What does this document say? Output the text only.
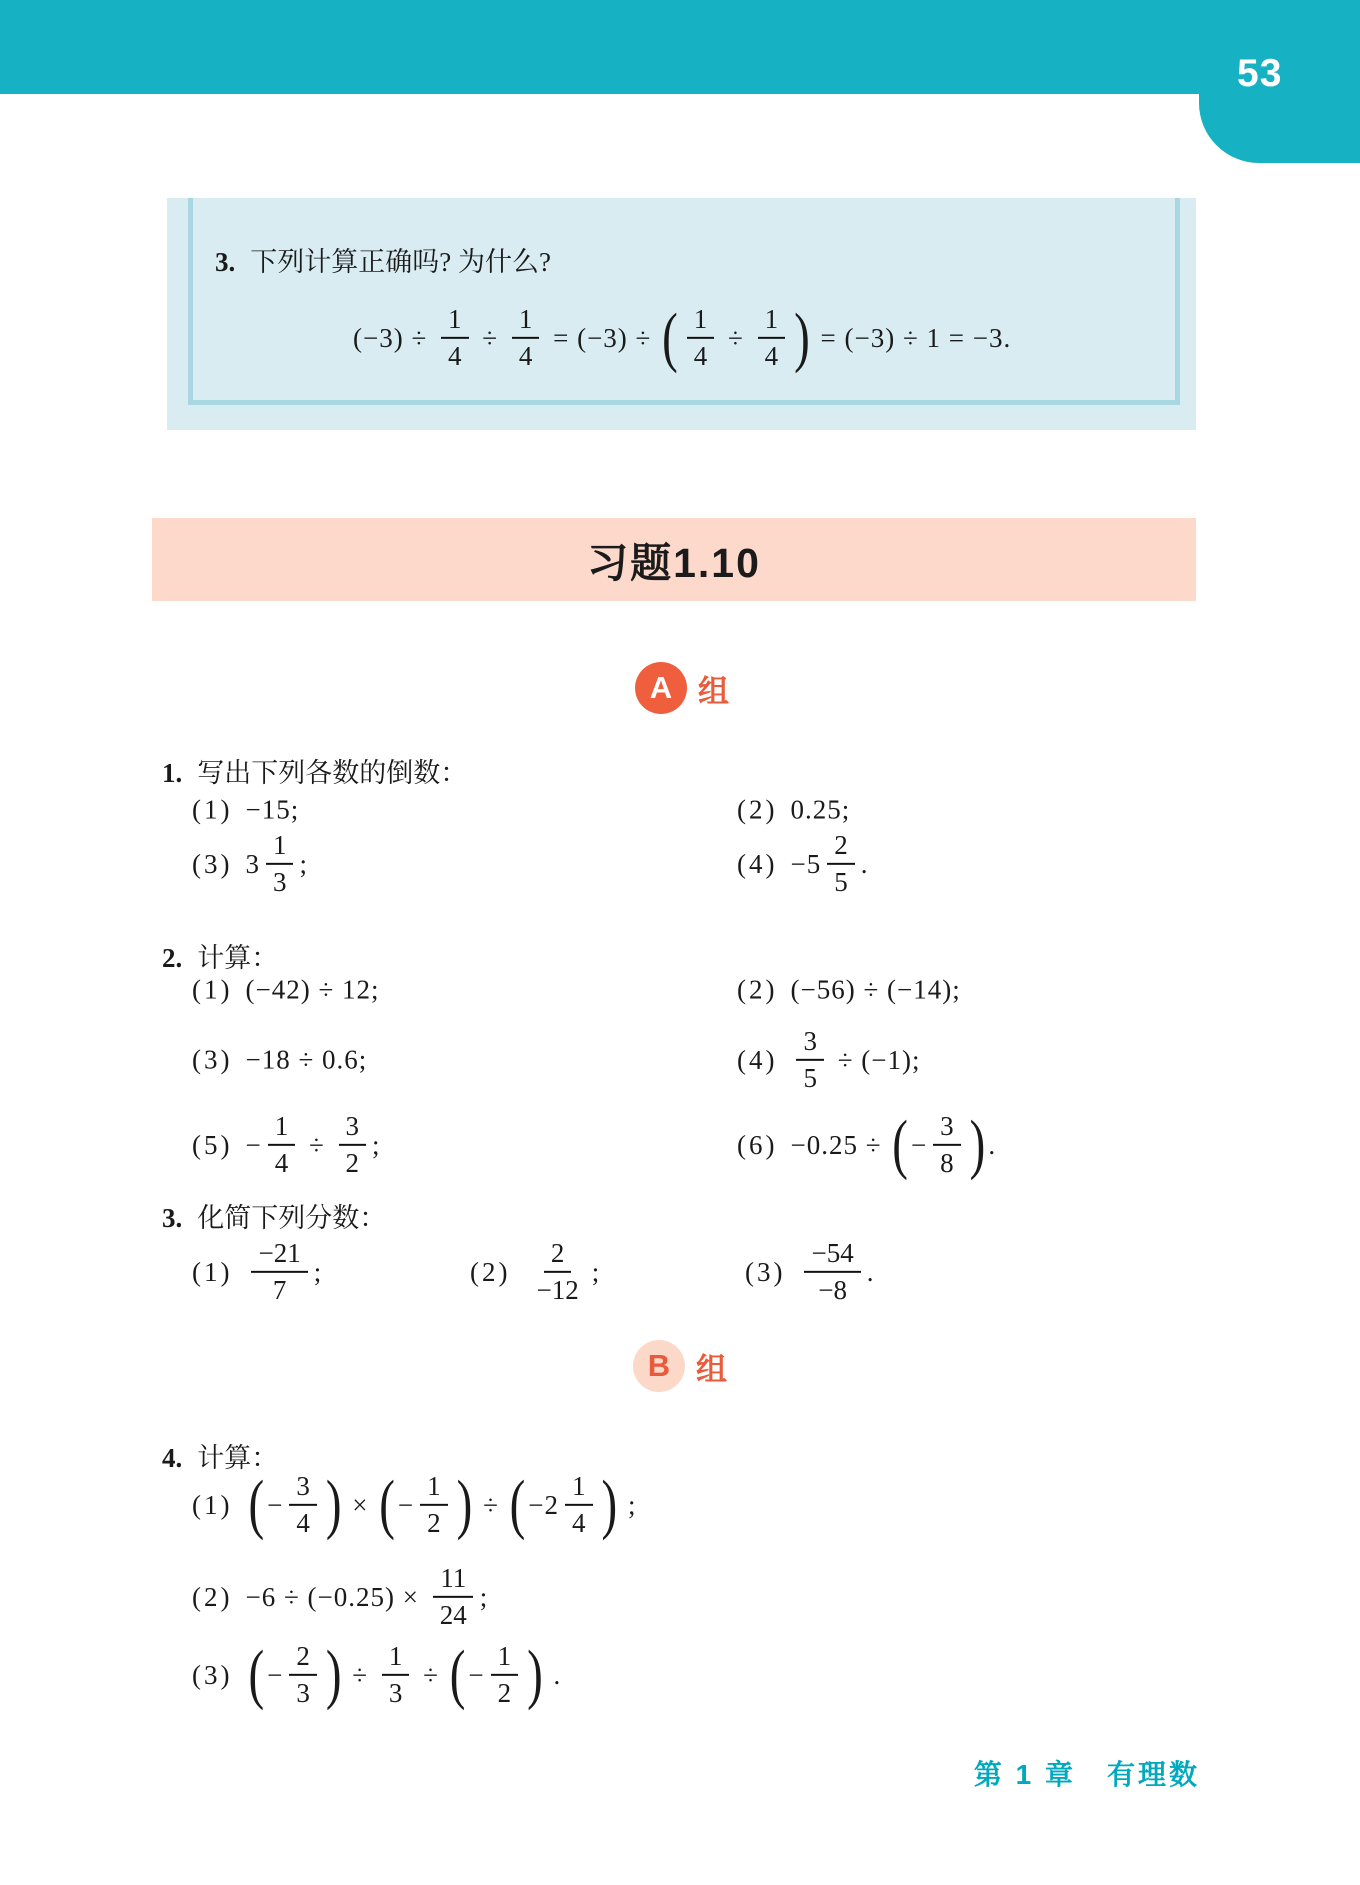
53
3. 下列计算正确吗? 为什么?
$(-3) \div \frac{1}{4} \div \frac{1}{4} = (-3)$ ÷ ( $\frac{1}{4} \div \frac{1}{4}$ ) = (−3) ÷ 1 = −3.
习题1.10
A 组
1. 写出下列各数的倒数：
(1) −15;	(2) 0.25;
(3) $3 \frac{1}{3}$ ;	$(4) -5 \frac{2}{5}$ .
2. 计算：
(1) (−42) ÷ 12;	(2) (−56) ÷ (−14);
(3) −18 ÷ 0.6;	$(4) \frac{3}{5} \div (-1)$;
$(5) - \frac{1}{4} \div \frac{3}{2}$ ;	(6) −0.25 ÷ ( − $\frac{3}{8}$ ) .
3. 化简下列分数：
$(1) \frac{-21}{7}$ ;	$(2) \frac{2}{-12}$ ;	$(3) \frac{-54}{-8}$ .
B 组
4. 计算：
(1) ( − $\frac{3}{4}$ ) × ( − $\frac{1}{2}$ ) ÷ ( $-2 \frac{1}{4}$ ) ;
$(2) -6 \div (-0.25) \times \frac{11}{24}$ ;
(3) ( − $\frac{2}{3}$ ) ÷ $\frac{1}{3}$ ÷ ( − $\frac{1}{2}$ ) .
第 1 章　有理数
